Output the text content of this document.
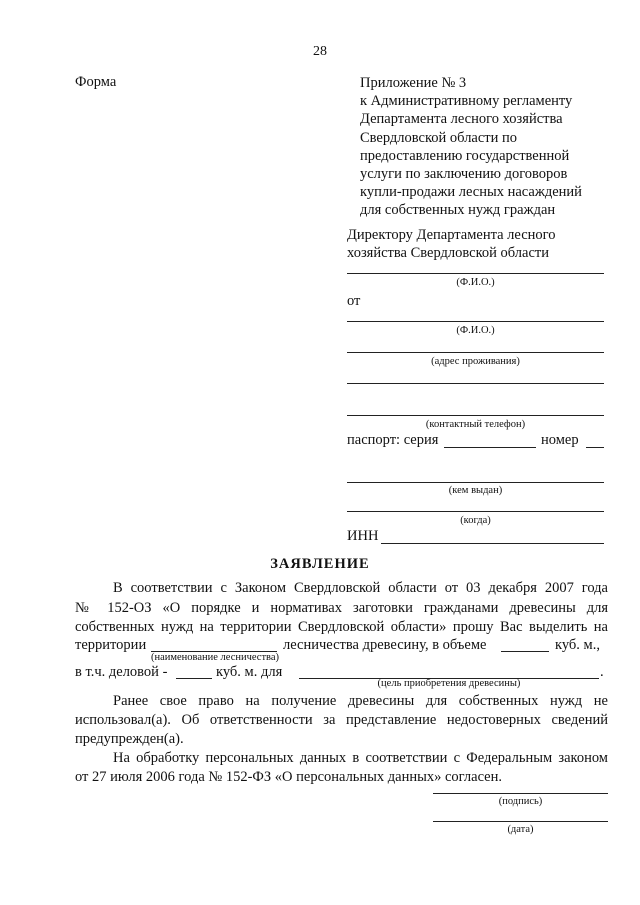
28
Форма	Приложение № 3
к Административному регламенту
Департамента лесного хозяйства
Свердловской области по
предоставлению государственной
услуги по заключению договоров
купли-продажи лесных насаждений
для собственных нужд граждан
Директору Департамента лесного
хозяйства Свердловской области
(Ф.И.О.)
от
(Ф.И.О.)
(адрес проживания)
(контактный телефон)
паспорт: серия	номер
(кем выдан)
(когда)
ИНН
ЗАЯВЛЕНИЕ
В соответствии с Законом Свердловской области от 03 декабря 2007 года
№ 152-ОЗ «О порядке и нормативах заготовки гражданами древесины для
собственных нужд на территории Свердловской области» прошу Вас выделить на
территории	лесничества древесину, в объеме	куб. м.,
(наименование лесничества)
в т.ч. деловой -	куб. м. для	.
(цель приобретения древесины)
Ранее свое право на получение древесины для собственных нужд не
использовал(а). Об ответственности за представление недостоверных сведений
предупрежден(а).
На обработку персональных данных в соответствии с Федеральным законом
от 27 июля 2006 года № 152-ФЗ «О персональных данных» согласен.
(подпись)
(дата)
